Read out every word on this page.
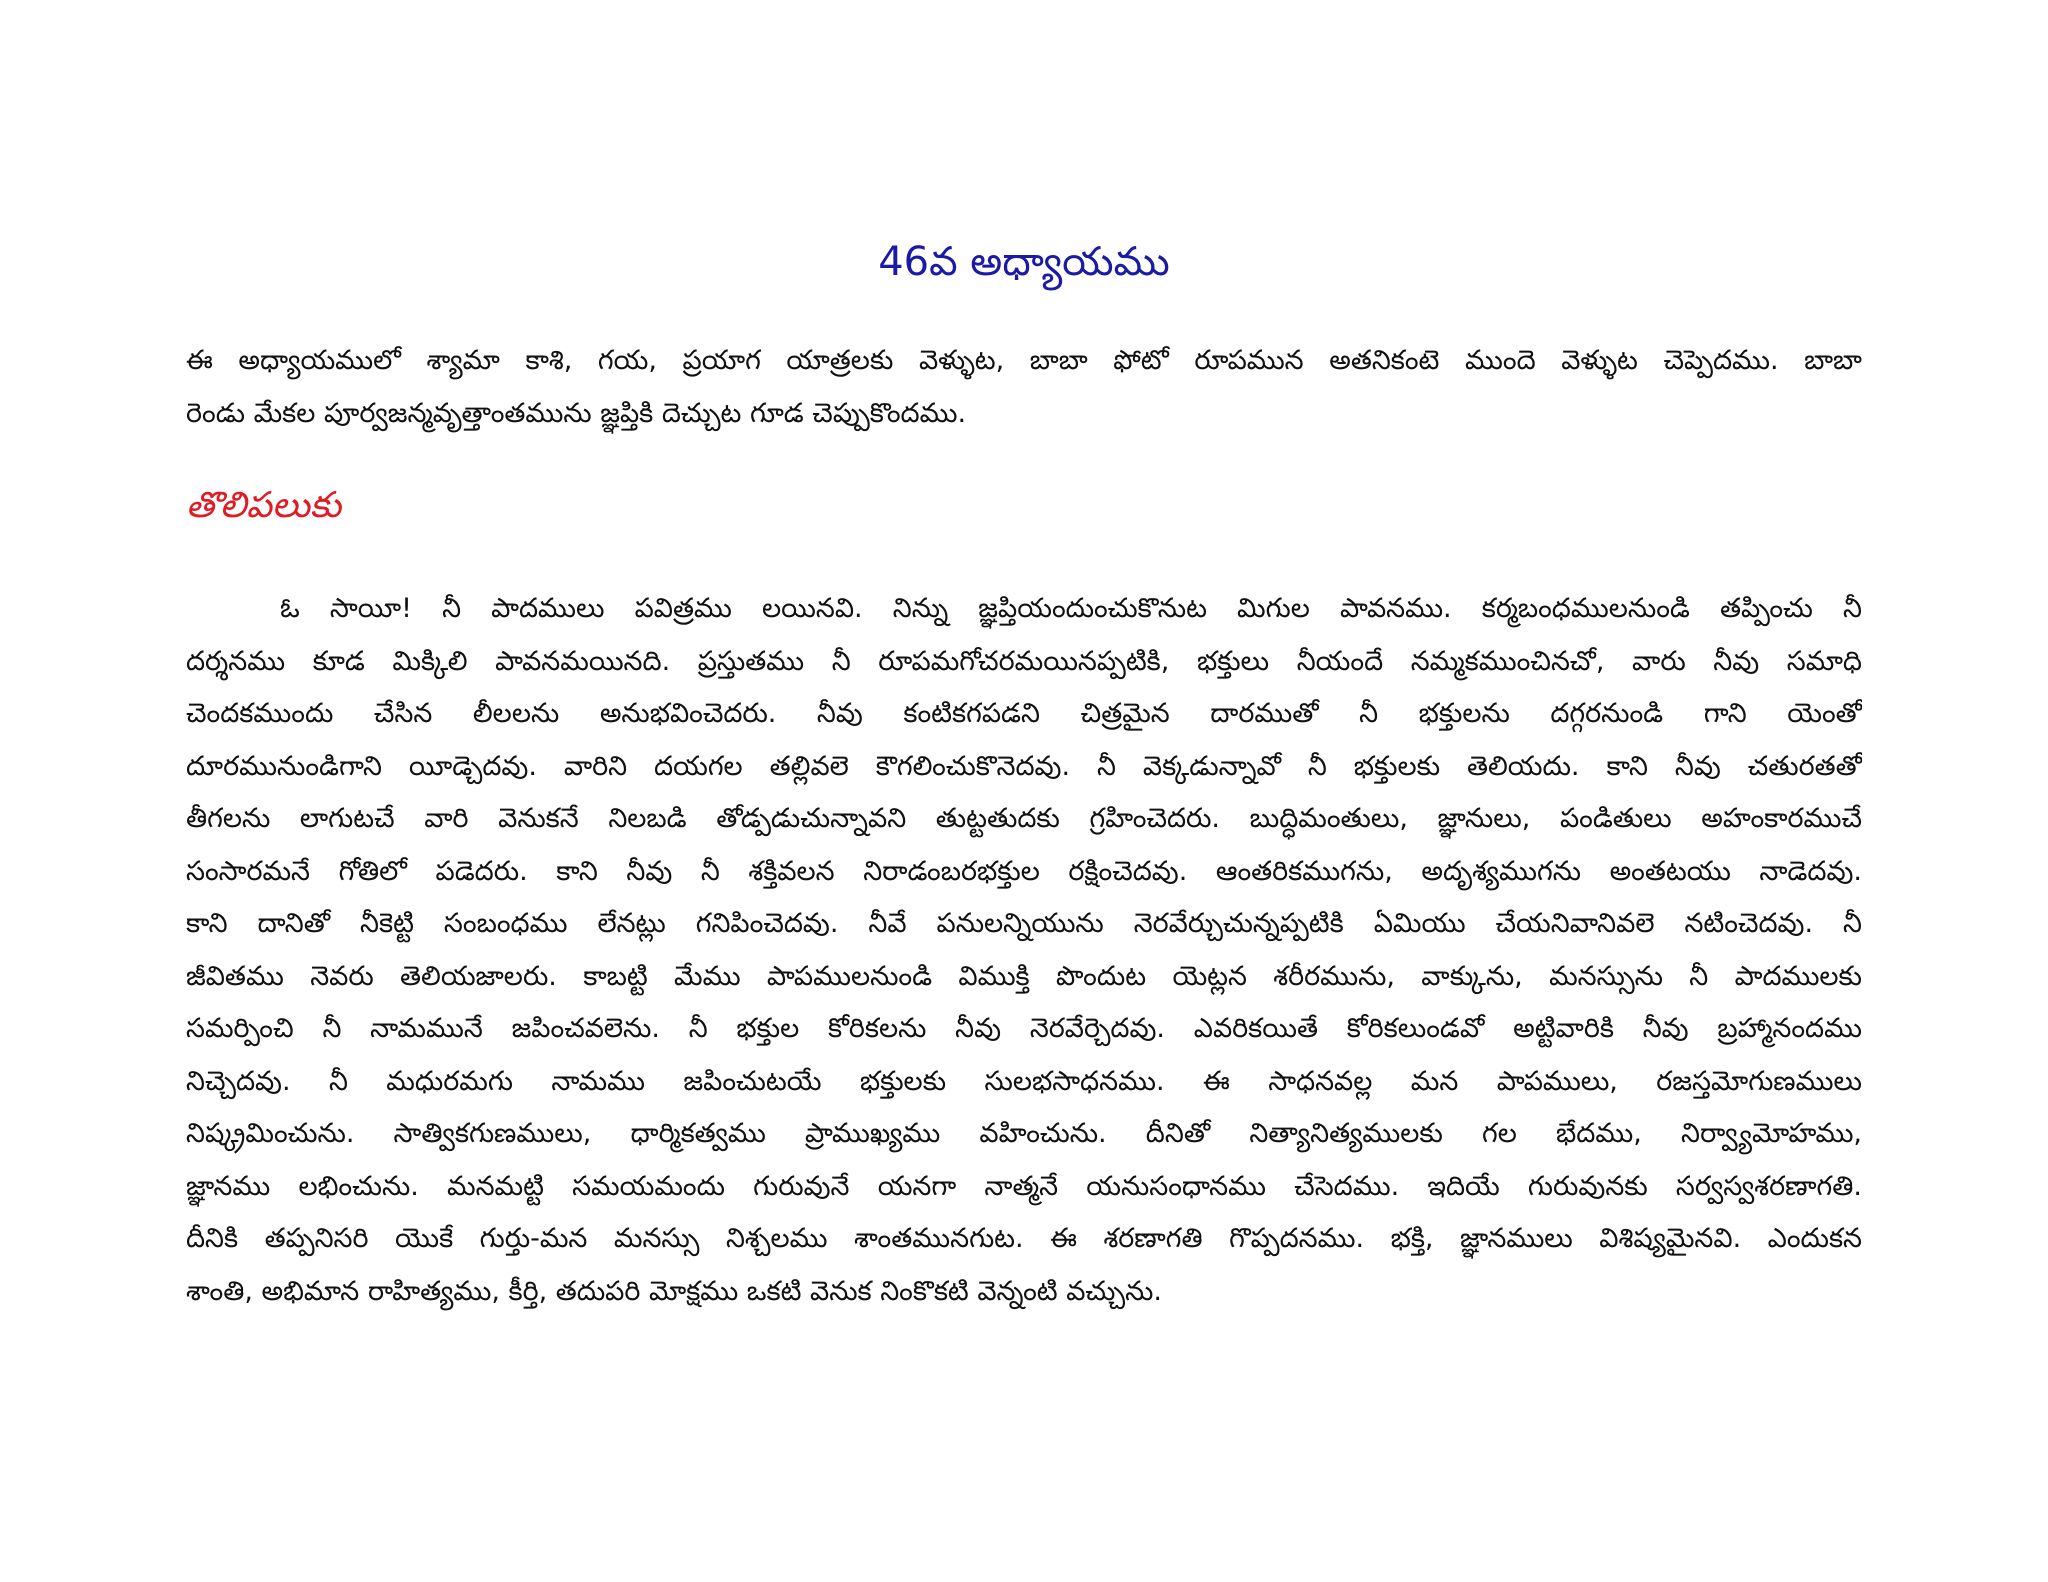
46వ అధ్యాయము
ఈ అధ్యాయములో శ్యామా కాశి, గయ, ప్రయాగ యాత్రలకు వెళ్ళుట, బాబా ఫోటో రూపమున అతనికంటె ముందె వెళ్ళుట చెప్పెదము. బాబా
రెండు మేకల పూర్వజన్మవృత్తాంతమును జ్ఞప్తికి దెచ్చుట గూడ చెప్పుకొందము.
తొలిపలుకు
ఓ సాయీ! నీ పాదములు పవిత్రము లయినవి. నిన్ను జ్ఞప్తియందుంచుకొనుట మిగుల పావనము. కర్మబంధములనుండి తప్పించు నీ
దర్శనము కూడ మిక్కిలి పావనమయినది. ప్రస్తుతము నీ రూపమగోచరమయినప్పటికి, భక్తులు నీయందే నమ్మకముంచినచో, వారు నీవు సమాధి
చెందకముందు చేసిన లీలలను అనుభవించెదరు. నీవు కంటికగపడని చిత్రమైన దారముతో నీ భక్తులను దగ్గరనుండి గాని యెంతో
దూరమునుండిగాని యీడ్చెదవు. వారిని దయగల తల్లివలె కౌగలించుకొనెదవు. నీ వెక్కడున్నావో నీ భక్తులకు తెలియదు. కాని నీవు చతురతతో
తీగలను లాగుటచే వారి వెనుకనే నిలబడి తోడ్పడుచున్నావని తుట్టతుదకు గ్రహించెదరు. బుద్ధిమంతులు, జ్ఞానులు, పండితులు అహంకారముచే
సంసారమనే గోతిలో పడెదరు. కాని నీవు నీ శక్తివలన నిరాడంబరభక్తుల రక్షించెదవు. ఆంతరికముగను, అదృశ్యముగను అంతటయు నాడెదవు.
కాని దానితో నీకెట్టి సంబంధము లేనట్లు గనిపించెదవు. నీవే పనులన్నియును నెరవేర్చుచున్నప్పటికి ఏమియు చేయనివానివలె నటించెదవు. నీ
జీవితము నెవరు తెలియజాలరు. కాబట్టి మేము పాపములనుండి విముక్తి పొందుట యెట్లన శరీరమును, వాక్కును, మనస్సును నీ పాదములకు
సమర్పించి నీ నామమునే జపించవలెను. నీ భక్తుల కోరికలను నీవు నెరవేర్చెదవు. ఎవరికయితే కోరికలుండవో అట్టివారికి నీవు బ్రహ్మానందము
నిచ్చెదవు. నీ మధురమగు నామము జపించుటయే భక్తులకు సులభసాధనము. ఈ సాధనవల్ల మన పాపములు, రజస్తమోగుణములు
నిష్క్రమించును. సాత్వికగుణములు, ధార్మికత్వము ప్రాముఖ్యము వహించును. దీనితో నిత్యానిత్యములకు గల భేదము, నిర్వ్యామోహము,
జ్ఞానము లభించును. మనమట్టి సమయమందు గురువునే యనగా నాత్మనే యనుసంధానము చేసెదము. ఇదియే గురువునకు సర్వస్వశరణాగతి.
దీనికి తప్పనిసరి యొకే గుర్తు-మన మనస్సు నిశ్చలము శాంతమునగుట. ఈ శరణాగతి గొప్పదనము. భక్తి, జ్ఞానములు విశిష్యమైనవి. ఎందుకన
శాంతి, అభిమాన రాహిత్యము, కీర్తి, తదుపరి మోక్షము ఒకటి వెనుక నింకొకటి వెన్నంటి వచ్చును.
